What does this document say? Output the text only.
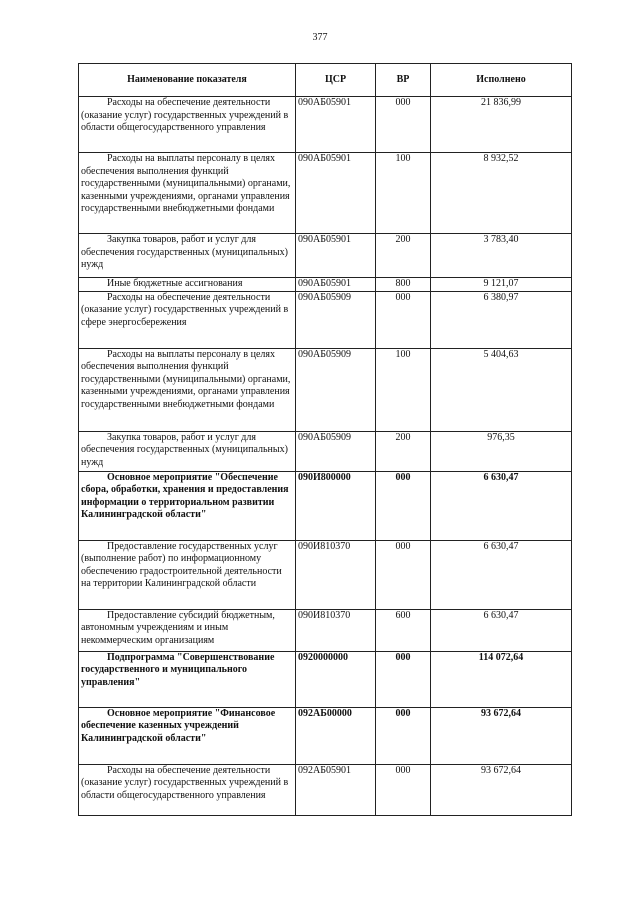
377
Наименование показателя	ЦСР	ВР	Исполнено
Расходы на обеспечение деятельности (оказание услуг) государственных учреждений в области общегосударственного управления	090АБ05901	000	21 836,99
Расходы на выплаты персоналу в целях обеспечения выполнения функций государственными (муниципальными) органами, казенными учреждениями, органами управления государственными внебюджетными фондами	090АБ05901	100	8 932,52
Закупка товаров, работ и услуг для обеспечения государственных (муниципальных) нужд	090АБ05901	200	3 783,40
Иные бюджетные ассигнования	090АБ05901	800	9 121,07
Расходы на обеспечение деятельности (оказание услуг) государственных учреждений в сфере энергосбережения	090АБ05909	000	6 380,97
Расходы на выплаты персоналу в целях обеспечения выполнения функций государственными (муниципальными) органами, казенными учреждениями, органами управления государственными внебюджетными фондами	090АБ05909	100	5 404,63
Закупка товаров, работ и услуг для обеспечения государственных (муниципальных) нужд	090АБ05909	200	976,35
Основное мероприятие "Обеспечение сбора, обработки, хранения и предоставления информации о территориальном развитии Калининградской области"	090И800000	000	6 630,47
Предоставление государственных услуг (выполнение работ) по информационному обеспечению градостроительной деятельности на территории Калининградской области	090И810370	000	6 630,47
Предоставление субсидий бюджетным, автономным учреждениям и иным некоммерческим организациям	090И810370	600	6 630,47
Подпрограмма "Совершенствование государственного и муниципального управления"	0920000000	000	114 072,64
Основное мероприятие "Финансовое обеспечение казенных учреждений Калининградской области"	092АБ00000	000	93 672,64
Расходы на обеспечение деятельности (оказание услуг) государственных учреждений в области общегосударственного управления	092АБ05901	000	93 672,64
